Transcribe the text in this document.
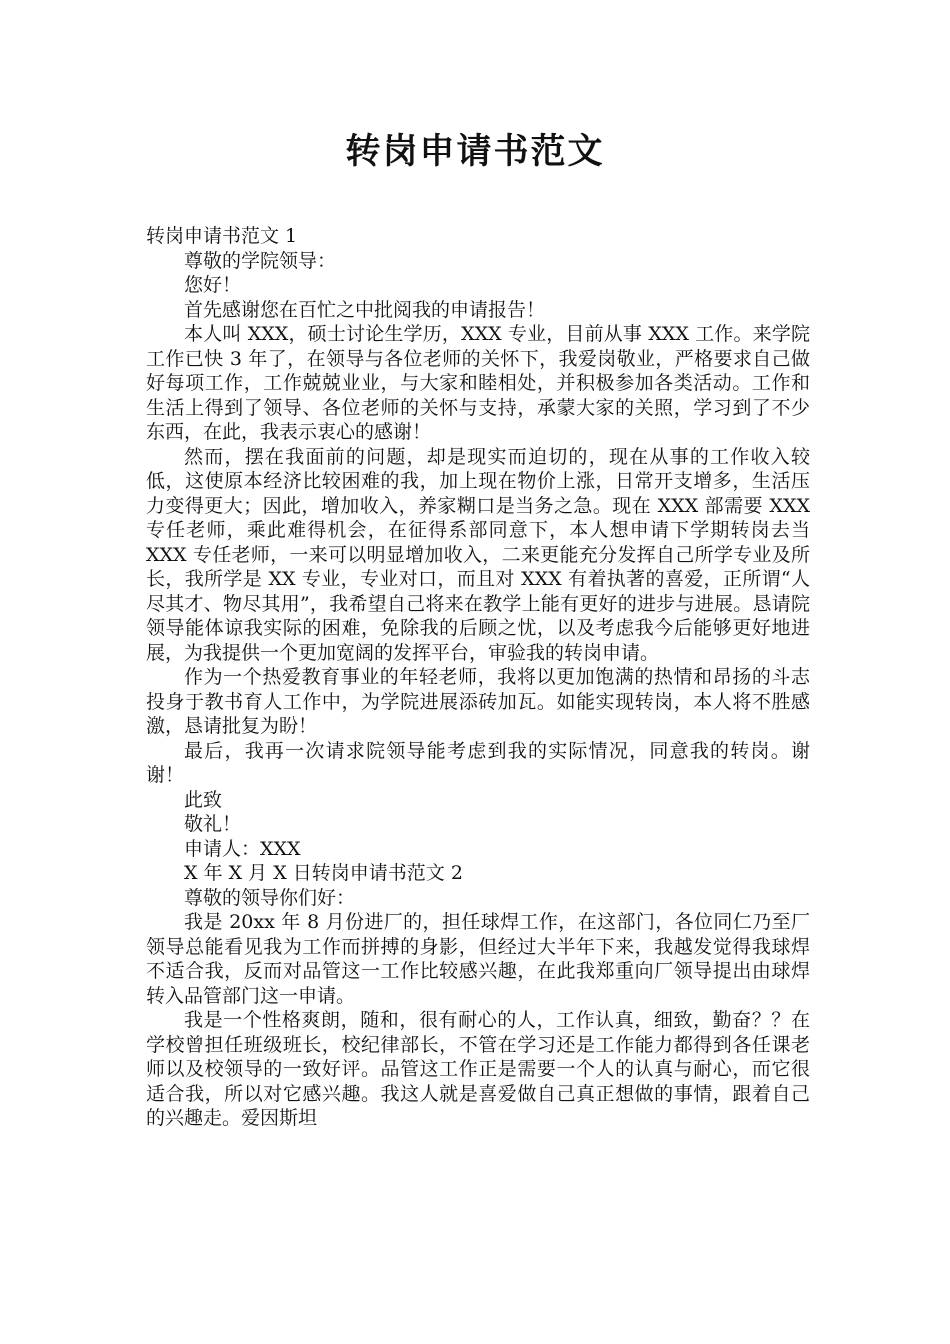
转岗申请书范文

转岗申请书范文 1

尊敬的学院领导：

您好！

首先感谢您在百忙之中批阅我的申请报告！

本人叫 XXX，硕士讨论生学历，XXX 专业，目前从事 XXX 工作。来学院工作已快 3 年了，在领导与各位老师的关怀下，我爱岗敬业，严格要求自己做好每项工作，工作兢兢业业，与大家和睦相处，并积极参加各类活动。工作和生活上得到了领导、各位老师的关怀与支持，承蒙大家的关照，学习到了不少东西，在此，我表示衷心的感谢！

然而，摆在我面前的问题，却是现实而迫切的，现在从事的工作收入较低，这使原本经济比较困难的我，加上现在物价上涨，日常开支增多，生活压力变得更大；因此，增加收入，养家糊口是当务之急。现在 XXX 部需要 XXX 专任老师，乘此难得机会，在征得系部同意下，本人想申请下学期转岗去当 XXX 专任老师，一来可以明显增加收入，二来更能充分发挥自己所学专业及所长，我所学是 XX 专业，专业对口，而且对 XXX 有着执著的喜爱，正所谓“人尽其才、物尽其用”，我希望自己将来在教学上能有更好的进步与进展。恳请院领导能体谅我实际的困难，免除我的后顾之忧，以及考虑我今后能够更好地进展，为我提供一个更加宽阔的发挥平台，审验我的转岗申请。

作为一个热爱教育事业的年轻老师，我将以更加饱满的热情和昂扬的斗志投身于教书育人工作中，为学院进展添砖加瓦。如能实现转岗，本人将不胜感激，恳请批复为盼！

最后，我再一次请求院领导能考虑到我的实际情况，同意我的转岗。谢谢！

此致

敬礼！

申请人：XXX

X 年 X 月 X 日转岗申请书范文 2

尊敬的领导你们好：

我是 20xx 年 8 月份进厂的，担任球焊工作，在这部门，各位同仁乃至厂领导总能看见我为工作而拼搏的身影，但经过大半年下来，我越发觉得我球焊不适合我，反而对品管这一工作比较感兴趣，在此我郑重向厂领导提出由球焊转入品管部门这一申请。

我是一个性格爽朗，随和，很有耐心的人，工作认真，细致，勤奋？？在学校曾担任班级班长，校纪律部长，不管在学习还是工作能力都得到各任课老师以及校领导的一致好评。品管这工作正是需要一个人的认真与耐心，而它很适合我，所以对它感兴趣。我这人就是喜爱做自己真正想做的事情，跟着自己的兴趣走。爱因斯坦
